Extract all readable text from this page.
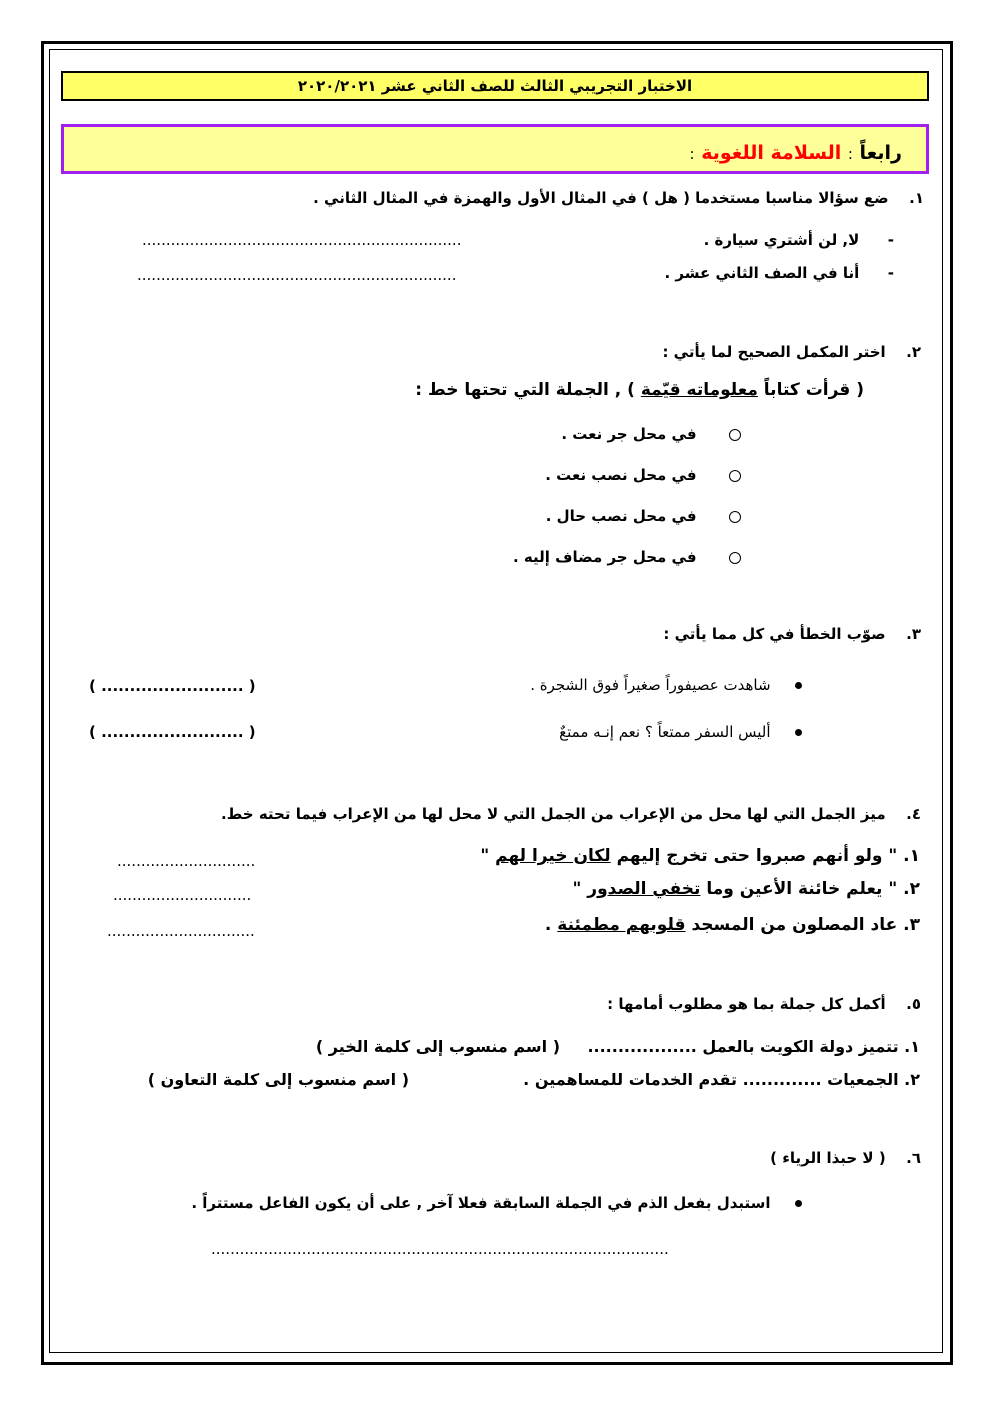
الاختبار التجريبي الثالث للصف الثاني عشر ٢٠٢٠/٢٠٢١
رابعاً : السلامة اللغوية :
١.  ضع سؤالا مناسبا مستخدما ( هل ) في المثال الأول والهمزة في المثال الثاني .
-  لا, لن أشتري سيارة .
...................................................................
-  أنا في الصف الثاني عشر .
...................................................................
٢.  اختر المكمل الصحيح لما يأتي :
( قرأت كتاباً معلوماته قيّمة ) , الجملة التي تحتها خط :
في محل جر نعت .
في محل نصب نعت .
في محل نصب حال .
في محل جر مضاف إليه .
٣.  صوّب الخطأ في كل مما يأتي :
شاهدت عصيفوراً صغيراً فوق الشجرة .
( ......................... )
أليس السفر ممتعاً ؟ نعم إنـه ممتعٌ
( ......................... )
٤.  ميز الجمل التي لها محل من الإعراب من الجمل التي لا محل لها من الإعراب فيما تحته خط.
١. " ولو أنهم صبروا حتى تخرج إليهم لكان خيرا لهم "
.............................
٢. " يعلم خائنة الأعين وما تخفي الصدور "
.............................
٣. عاد المصلون من المسجد قلوبهم مطمئنة .
...............................
٥.  أكمل كل جملة بما هو مطلوب أمامها :
١. تتميز دولة الكويت بالعمل ..................
( اسم منسوب إلى كلمة الخير )
٢. الجمعيات ............. تقدم الخدمات للمساهمين .
( اسم منسوب إلى كلمة التعاون )
٦.  ( لا حبذا الرياء )
استبدل بفعل الذم في الجملة السابقة فعلا آخر , على أن يكون الفاعل مستتراً .
................................................................................................
